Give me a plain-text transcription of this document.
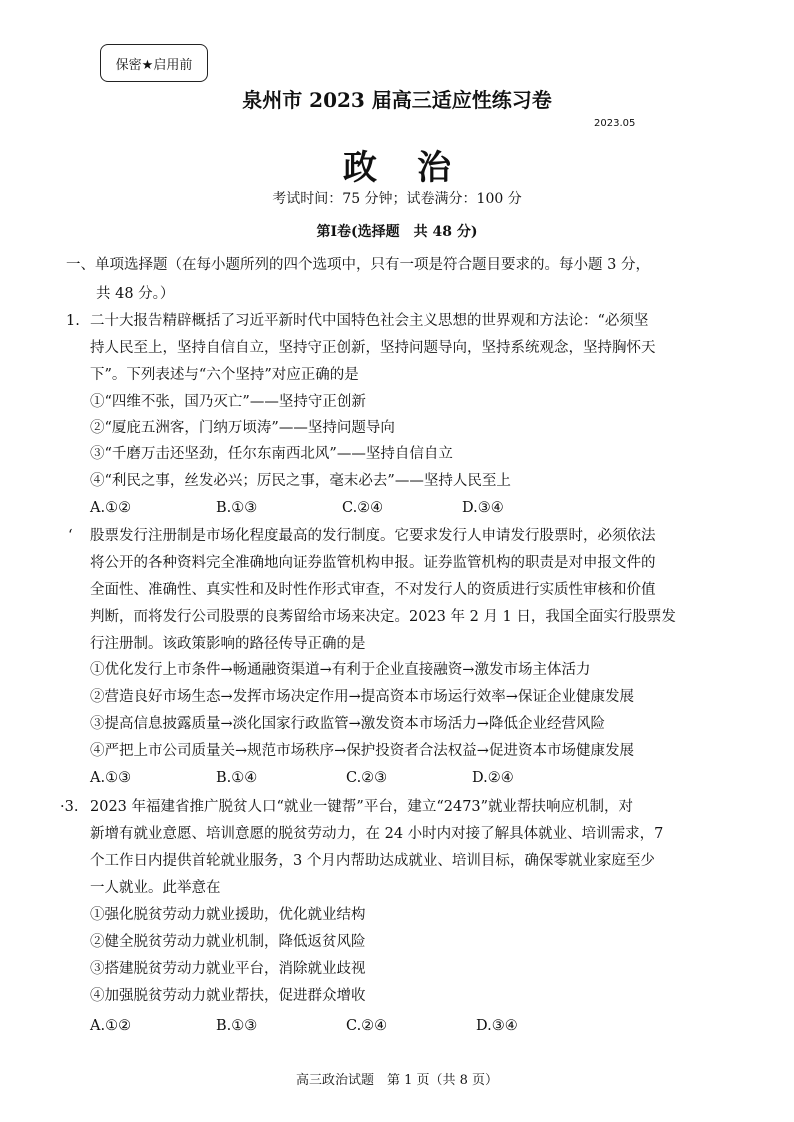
保密★启用前
泉州市 2023 届高三适应性练习卷
2023.05
政治
考试时间：75 分钟；试卷满分：100 分
第Ⅰ卷(选择题　共 48 分)
一、单项选择题（在每小题所列的四个选项中，只有一项是符合题目要求的。每小题 3 分，
共 48 分。）
1. 二十大报告精辟概括了习近平新时代中国特色社会主义思想的世界观和方法论：“必须坚
持人民至上，坚持自信自立，坚持守正创新，坚持问题导向，坚持系统观念，坚持胸怀天
下”。下列表述与“六个坚持”对应正确的是
①“四维不张，国乃灭亡”——坚持守正创新
②“厦庇五洲客，门纳万顷涛”——坚持问题导向
③“千磨万击还坚劲，任尔东南西北风”——坚持自信自立
④“利民之事，丝发必兴；厉民之事，毫末必去”——坚持人民至上
A.①②	B.①③	C.②④	D.③④
‘ 股票发行注册制是市场化程度最高的发行制度。它要求发行人申请发行股票时，必须依法
将公开的各种资料完全准确地向证券监管机构申报。证券监管机构的职责是对申报文件的
全面性、准确性、真实性和及时性作形式审查，不对发行人的资质进行实质性审核和价值
判断，而将发行公司股票的良莠留给市场来决定。2023 年 2 月 1 日，我国全面实行股票发
行注册制。该政策影响的路径传导正确的是
①优化发行上市条件→畅通融资渠道→有利于企业直接融资→激发市场主体活力
②营造良好市场生态→发挥市场决定作用→提高资本市场运行效率→保证企业健康发展
③提高信息披露质量→淡化国家行政监管→激发资本市场活力→降低企业经营风险
④严把上市公司质量关→规范市场秩序→保护投资者合法权益→促进资本市场健康发展
A.①③	B.①④	C.②③	D.②④
·3. 2023 年福建省推广脱贫人口“就业一键帮”平台，建立“2473”就业帮扶响应机制，对
新增有就业意愿、培训意愿的脱贫劳动力，在 24 小时内对接了解具体就业、培训需求，7
个工作日内提供首轮就业服务，3 个月内帮助达成就业、培训目标，确保零就业家庭至少
一人就业。此举意在
①强化脱贫劳动力就业援助，优化就业结构
②健全脱贫劳动力就业机制，降低返贫风险
③搭建脱贫劳动力就业平台，消除就业歧视
④加强脱贫劳动力就业帮扶，促进群众增收
A.①②	B.①③	C.②④	D.③④
高三政治试题　第 1 页（共 8 页）
